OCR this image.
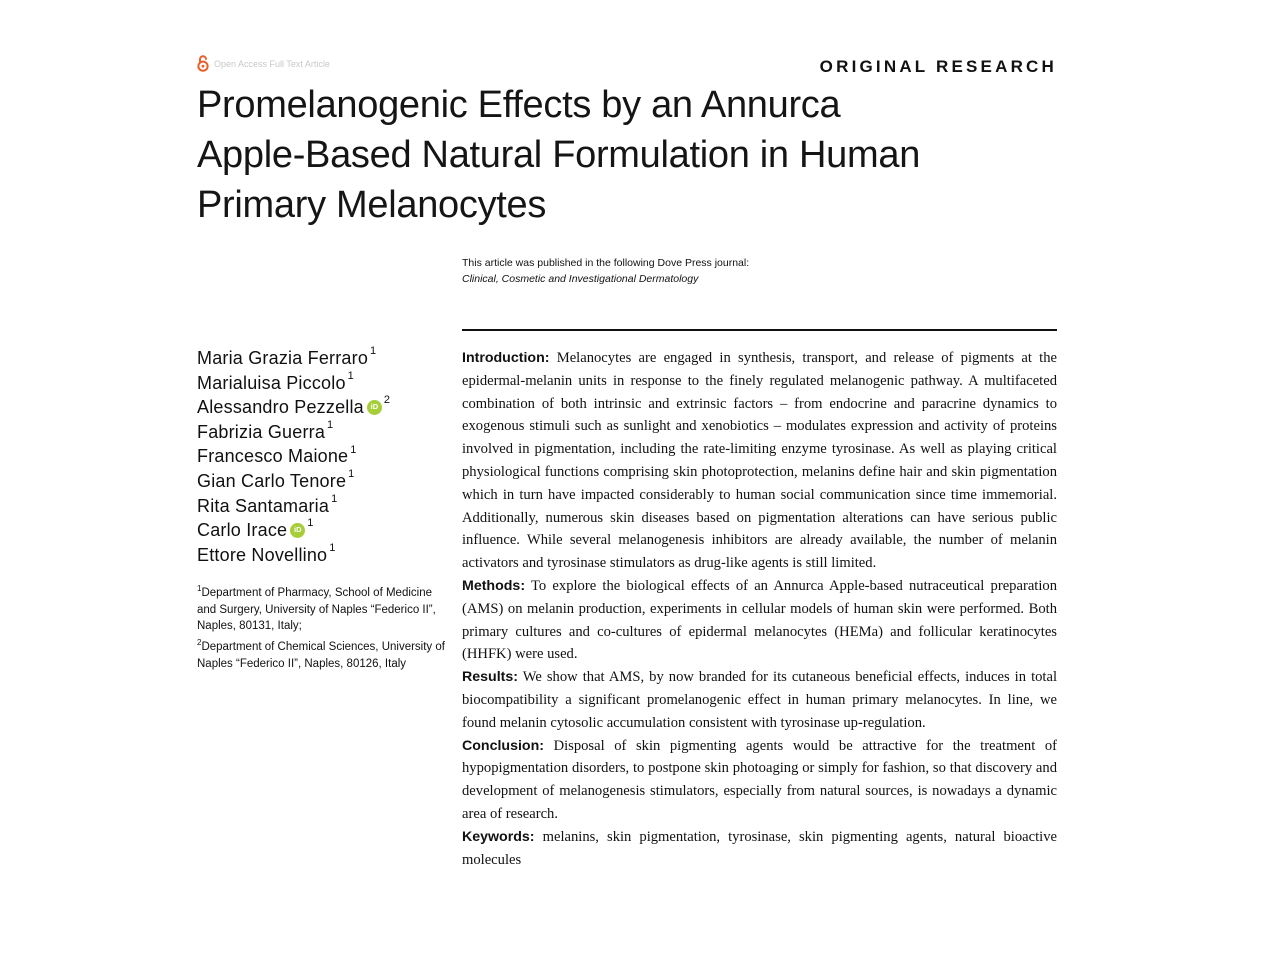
Open Access Full Text Article	ORIGINAL RESEARCH
Promelanogenic Effects by an Annurca
Apple-Based Natural Formulation in Human
Primary Melanocytes
This article was published in the following Dove Press journal:
Clinical, Cosmetic and Investigational Dermatology
Maria Grazia Ferraro$^1$
Marialuisa Piccolo$^1$
Alessandro Pezzella iD
$^2$
Fabrizia Guerra$^1$
Francesco Maione$^1$
Gian Carlo Tenore$^1$
Rita Santamaria$^1$
Carlo Irace iD
$^1$
Ettore Novellino$^1$

$^1$Department of Pharmacy, School of Medicine and Surgery, University of Naples “Federico II”, Naples, 80131, Italy;

$^2$Department of Chemical Sciences, University of Naples “Federico II”, Naples, 80126, Italy

Introduction: Melanocytes are engaged in synthesis, transport, and release of pigments at the epidermal-melanin units in response to the finely regulated melanogenic pathway. A multifaceted combination of both intrinsic and extrinsic factors – from endocrine and paracrine dynamics to exogenous stimuli such as sunlight and xenobiotics – modulates expression and activity of proteins involved in pigmentation, including the rate-limiting enzyme tyrosinase. As well as playing critical physiological functions comprising skin photoprotection, melanins define hair and skin pigmentation which in turn have impacted considerably to human social communication since time immemorial. Additionally, numerous skin diseases based on pigmentation alterations can have serious public influence. While several melanogenesis inhibitors are already available, the number of melanin activators and tyrosinase stimulators as drug-like agents is still limited.

Methods: To explore the biological effects of an Annurca Apple-based nutraceutical preparation (AMS) on melanin production, experiments in cellular models of human skin were performed. Both primary cultures and co-cultures of epidermal melanocytes (HEMa) and follicular keratinocytes (HHFK) were used.

Results: We show that AMS, by now branded for its cutaneous beneficial effects, induces in total biocompatibility a significant promelanogenic effect in human primary melanocytes. In line, we found melanin cytosolic accumulation consistent with tyrosinase up-regulation.

Conclusion: Disposal of skin pigmenting agents would be attractive for the treatment of hypopigmentation disorders, to postpone skin photoaging or simply for fashion, so that discovery and development of melanogenesis stimulators, especially from natural sources, is nowadays a dynamic area of research.

Keywords: melanins, skin pigmentation, tyrosinase, skin pigmenting agents, natural bioactive molecules
